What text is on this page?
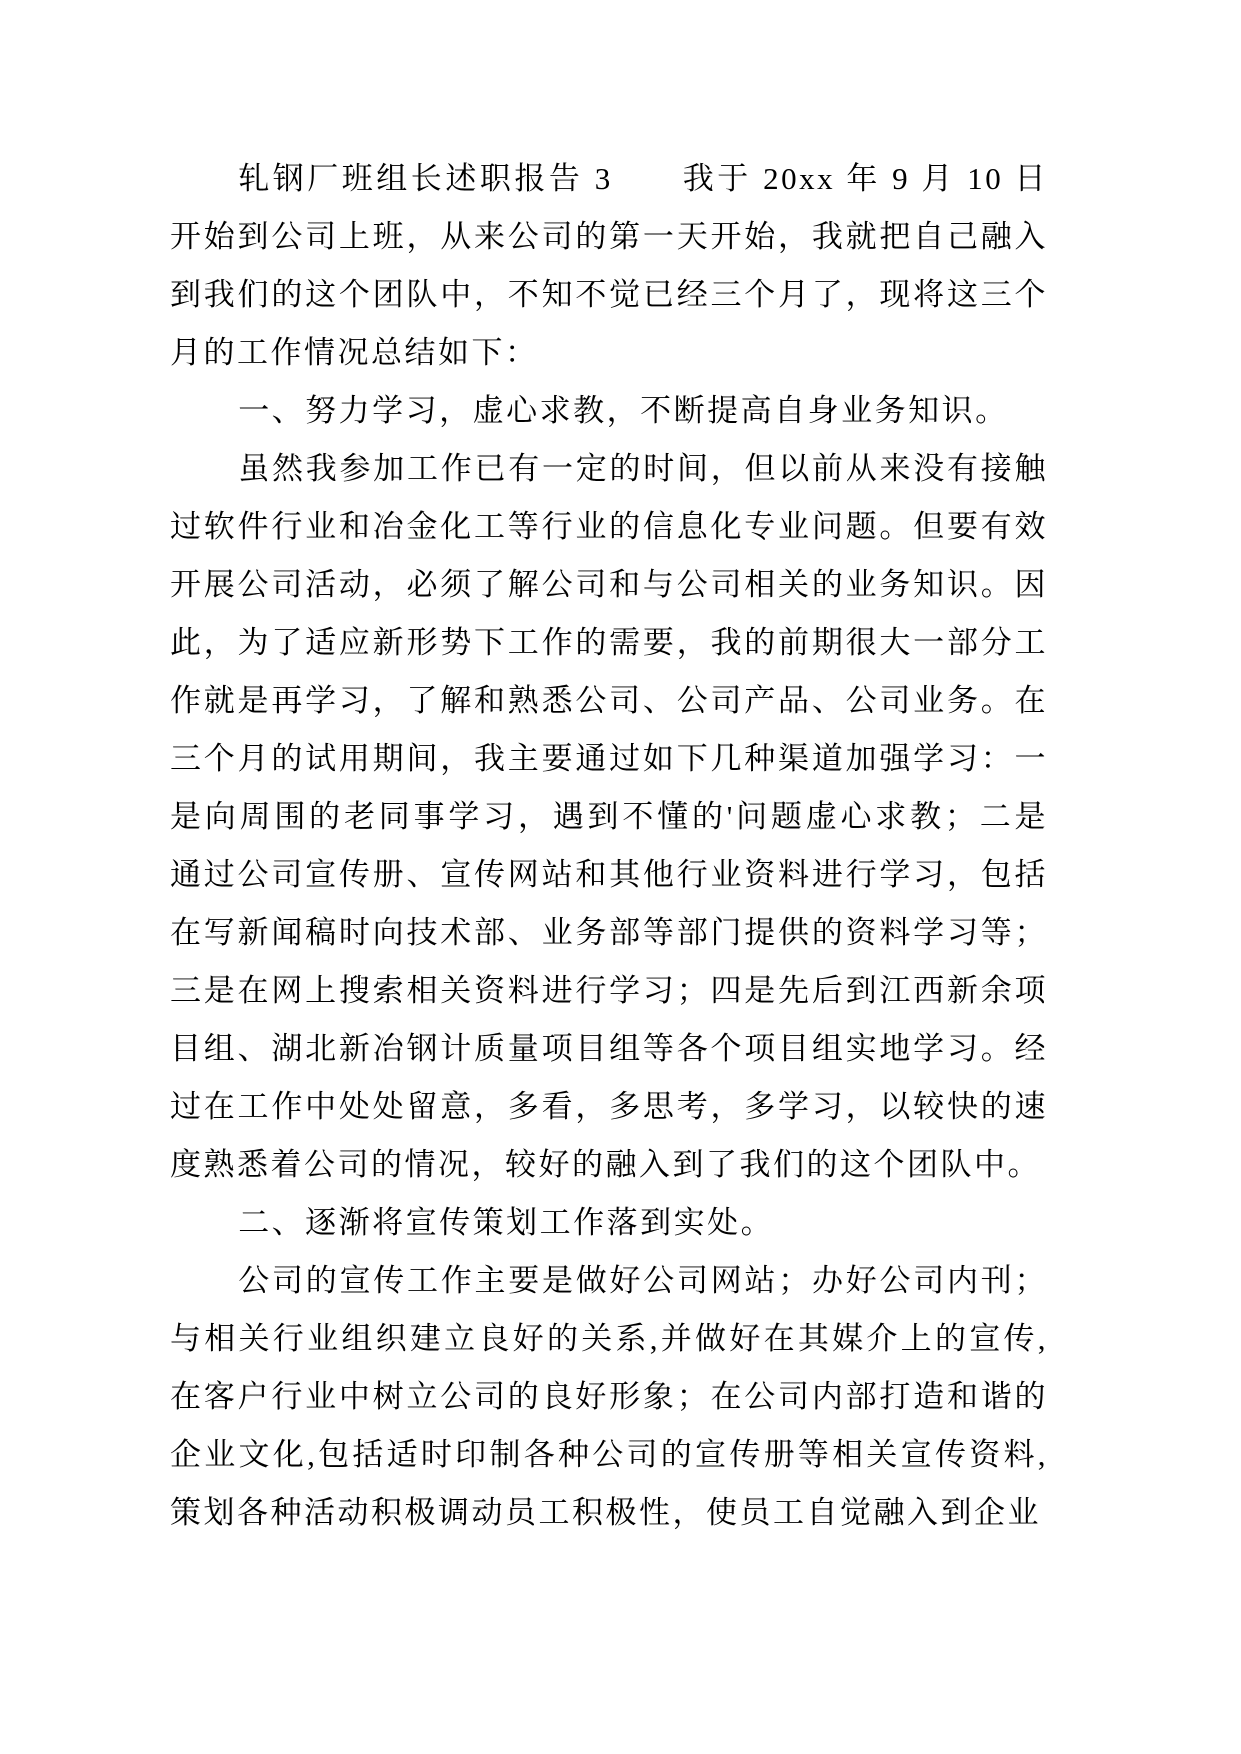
轧钢厂班组长述职报告 3　　我于 20xx 年 9 月 10 日开始到公司上班，从来公司的第一天开始，我就把自己融入到我们的这个团队中，不知不觉已经三个月了，现将这三个月的工作情况总结如下：

一、努力学习，虚心求教，不断提高自身业务知识。

虽然我参加工作已有一定的时间，但以前从来没有接触过软件行业和冶金化工等行业的信息化专业问题。但要有效开展公司活动，必须了解公司和与公司相关的业务知识。因此，为了适应新形势下工作的需要，我的前期很大一部分工作就是再学习，了解和熟悉公司、公司产品、公司业务。在三个月的试用期间，我主要通过如下几种渠道加强学习：一是向周围的老同事学习，遇到不懂的'问题虚心求教；二是通过公司宣传册、宣传网站和其他行业资料进行学习，包括在写新闻稿时向技术部、业务部等部门提供的资料学习等；三是在网上搜索相关资料进行学习；四是先后到江西新余项目组、湖北新冶钢计质量项目组等各个项目组实地学习。经过在工作中处处留意，多看，多思考，多学习，以较快的速度熟悉着公司的情况，较好的融入到了我们的这个团队中。

二、逐渐将宣传策划工作落到实处。

公司的宣传工作主要是做好公司网站；办好公司内刊；与相关行业组织建立良好的关系,并做好在其媒介上的宣传,在客户行业中树立公司的良好形象；在公司内部打造和谐的企业文化,包括适时印制各种公司的宣传册等相关宣传资料,策划各种活动积极调动员工积极性，使员工自觉融入到企业
